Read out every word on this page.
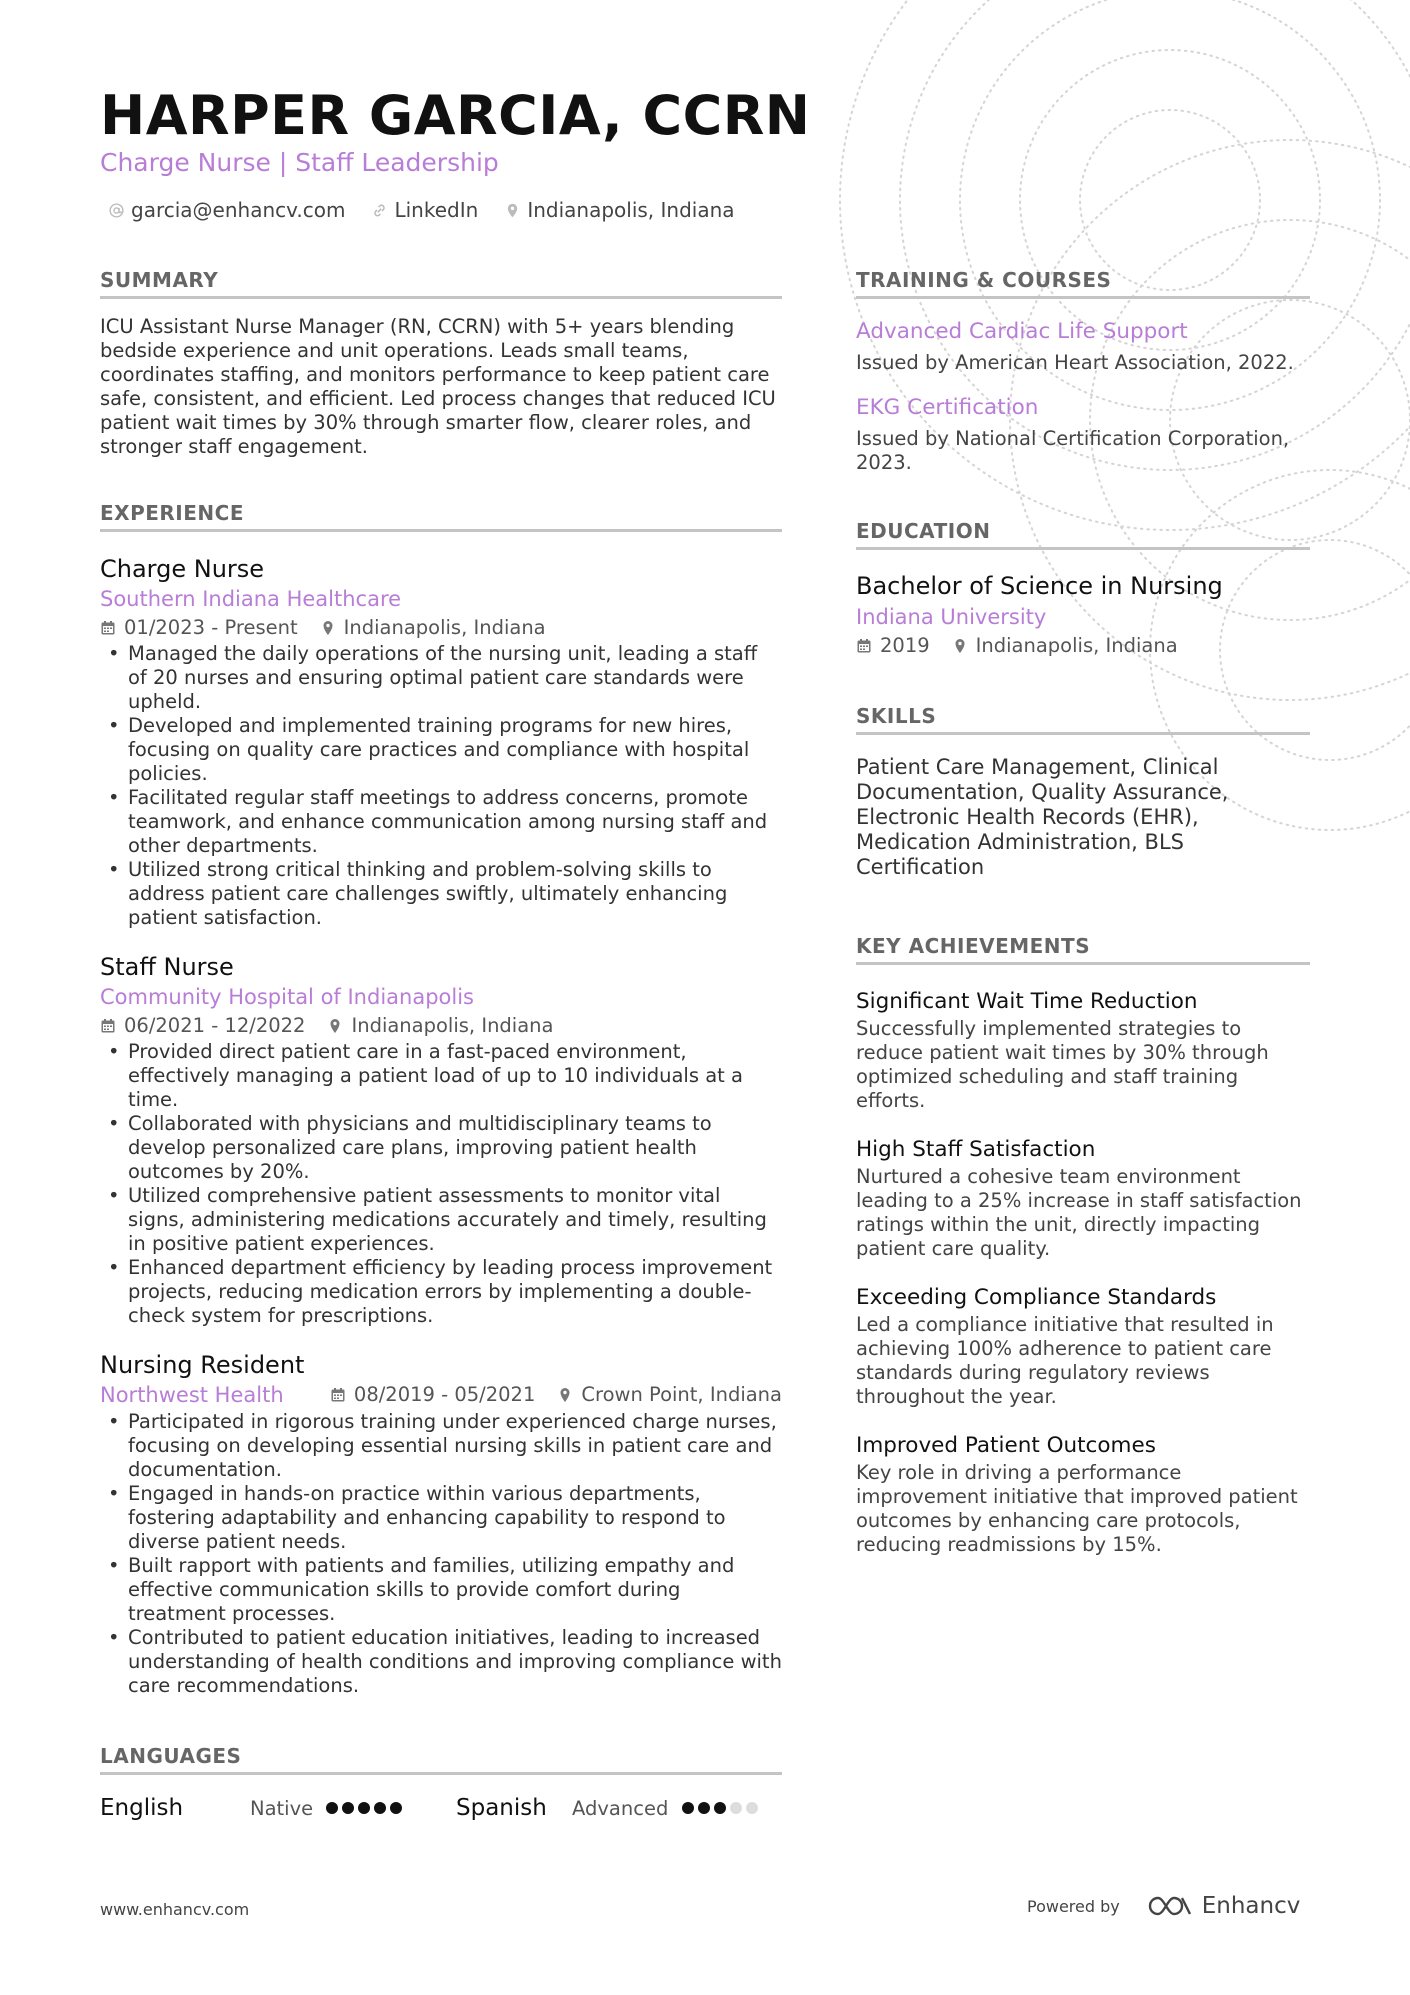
HARPER GARCIA, CCRN
Charge Nurse | Staff Leadership
garcia@enhancv.com LinkedIn Indianapolis, Indiana
SUMMARY

ICU Assistant Nurse Manager (RN, CCRN) with 5+ years blending bedside experience and unit operations. Leads small teams, coordinates staffing, and monitors performance to keep patient care safe, consistent, and efficient. Led process changes that reduced ICU patient wait times by 30% through smarter flow, clearer roles, and stronger staff engagement.

EXPERIENCE
Charge Nurse
Southern Indiana Healthcare
01/2023 - Present Indianapolis, Indiana
• Managed the daily operations of the nursing unit, leading a staff of 20 nurses and ensuring optimal patient care standards were upheld.
• Developed and implemented training programs for new hires, focusing on quality care practices and compliance with hospital policies.
• Facilitated regular staff meetings to address concerns, promote teamwork, and enhance communication among nursing staff and other departments.
• Utilized strong critical thinking and problem-solving skills to address patient care challenges swiftly, ultimately enhancing patient satisfaction.
Staff Nurse
Community Hospital of Indianapolis
06/2021 - 12/2022 Indianapolis, Indiana
• Provided direct patient care in a fast-paced environment, effectively managing a patient load of up to 10 individuals at a time.
• Collaborated with physicians and multidisciplinary teams to develop personalized care plans, improving patient health outcomes by 20%.
• Utilized comprehensive patient assessments to monitor vital signs, administering medications accurately and timely, resulting in positive patient experiences.
• Enhanced department efficiency by leading process improvement projects, reducing medication errors by implementing a double-check system for prescriptions.
Nursing Resident
Northwest Health	08/2019 - 05/2021 Crown Point, Indiana
• Participated in rigorous training under experienced charge nurses, focusing on developing essential nursing skills in patient care and documentation.
• Engaged in hands-on practice within various departments, fostering adaptability and enhancing capability to respond to diverse patient needs.
• Built rapport with patients and families, utilizing empathy and effective communication skills to provide comfort during treatment processes.
• Contributed to patient education initiatives, leading to increased understanding of health conditions and improving compliance with care recommendations.
LANGUAGES
English	Native	Spanish	Advanced
TRAINING & COURSES
Advanced Cardiac Life Support
Issued by American Heart Association, 2022.
EKG Certification
Issued by National Certification Corporation, 2023.
EDUCATION
Bachelor of Science in Nursing
Indiana University
2019 Indianapolis, Indiana
SKILLS
Patient Care Management, Clinical Documentation, Quality Assurance, Electronic Health Records (EHR), Medication Administration, BLS Certification
KEY ACHIEVEMENTS
Significant Wait Time Reduction
Successfully implemented strategies to reduce patient wait times by 30% through optimized scheduling and staff training efforts.
High Staff Satisfaction
Nurtured a cohesive team environment leading to a 25% increase in staff satisfaction ratings within the unit, directly impacting patient care quality.
Exceeding Compliance Standards
Led a compliance initiative that resulted in achieving 100% adherence to patient care standards during regulatory reviews throughout the year.
Improved Patient Outcomes
Key role in driving a performance improvement initiative that improved patient outcomes by enhancing care protocols, reducing readmissions by 15%.
www.enhancv.com	Powered by	Enhancv
